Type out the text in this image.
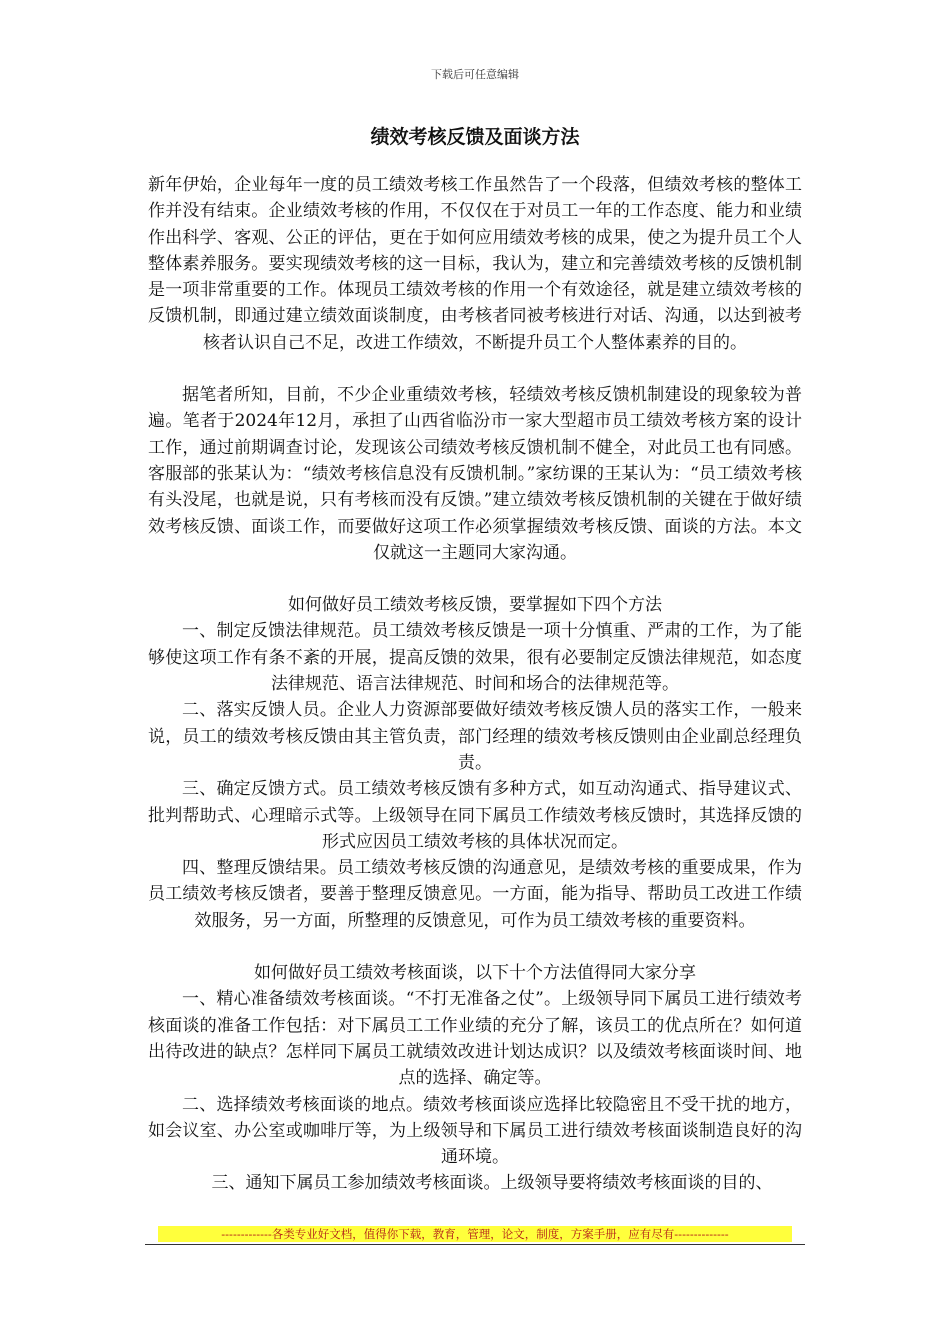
下载后可任意编辑
绩效考核反馈及面谈方法

新年伊始，企业每年一度的员工绩效考核工作虽然告了一个段落，但绩效考核的整体工作并没有结束。企业绩效考核的作用，不仅仅在于对员工一年的工作态度、能力和业绩作出科学、客观、公正的评估，更在于如何应用绩效考核的成果，使之为提升员工个人整体素养服务。要实现绩效考核的这一目标，我认为，建立和完善绩效考核的反馈机制是一项非常重要的工作。体现员工绩效考核的作用一个有效途径，就是建立绩效考核的反馈机制，即通过建立绩效面谈制度，由考核者同被考核进行对话、沟通，以达到被考核者认识自己不足，改进工作绩效，不断提升员工个人整体素养的目的。

据笔者所知，目前，不少企业重绩效考核，轻绩效考核反馈机制建设的现象较为普遍。笔者于2024年12月，承担了山西省临汾市一家大型超市员工绩效考核方案的设计工作，通过前期调查讨论，发现该公司绩效考核反馈机制不健全，对此员工也有同感。客服部的张某认为：“绩效考核信息没有反馈机制。”家纺课的王某认为：“员工绩效考核有头没尾，也就是说，只有考核而没有反馈。”建立绩效考核反馈机制的关键在于做好绩效考核反馈、面谈工作，而要做好这项工作必须掌握绩效考核反馈、面谈的方法。本文仅就这一主题同大家沟通。

如何做好员工绩效考核反馈，要掌握如下四个方法

一、制定反馈法律规范。员工绩效考核反馈是一项十分慎重、严肃的工作，为了能够使这项工作有条不紊的开展，提高反馈的效果，很有必要制定反馈法律规范，如态度法律规范、语言法律规范、时间和场合的法律规范等。

二、落实反馈人员。企业人力资源部要做好绩效考核反馈人员的落实工作，一般来说，员工的绩效考核反馈由其主管负责，部门经理的绩效考核反馈则由企业副总经理负责。

三、确定反馈方式。员工绩效考核反馈有多种方式，如互动沟通式、指导建议式、批判帮助式、心理暗示式等。上级领导在同下属员工作绩效考核反馈时，其选择反馈的形式应因员工绩效考核的具体状况而定。

四、整理反馈结果。员工绩效考核反馈的沟通意见，是绩效考核的重要成果，作为员工绩效考核反馈者，要善于整理反馈意见。一方面，能为指导、帮助员工改进工作绩效服务，另一方面，所整理的反馈意见，可作为员工绩效考核的重要资料。

如何做好员工绩效考核面谈，以下十个方法值得同大家分享

一、精心准备绩效考核面谈。“不打无准备之仗”。上级领导同下属员工进行绩效考核面谈的准备工作包括：对下属员工工作业绩的充分了解，该员工的优点所在？如何道出待改进的缺点？怎样同下属员工就绩效改进计划达成识？以及绩效考核面谈时间、地点的选择、确定等。

二、选择绩效考核面谈的地点。绩效考核面谈应选择比较隐密且不受干扰的地方，如会议室、办公室或咖啡厅等，为上级领导和下属员工进行绩效考核面谈制造良好的沟通环境。

三、通知下属员工参加绩效考核面谈。上级领导要将绩效考核面谈的目的、

-------------各类专业好文档，值得你下载，教育，管理，论文，制度，方案手册，应有尽有--------------
